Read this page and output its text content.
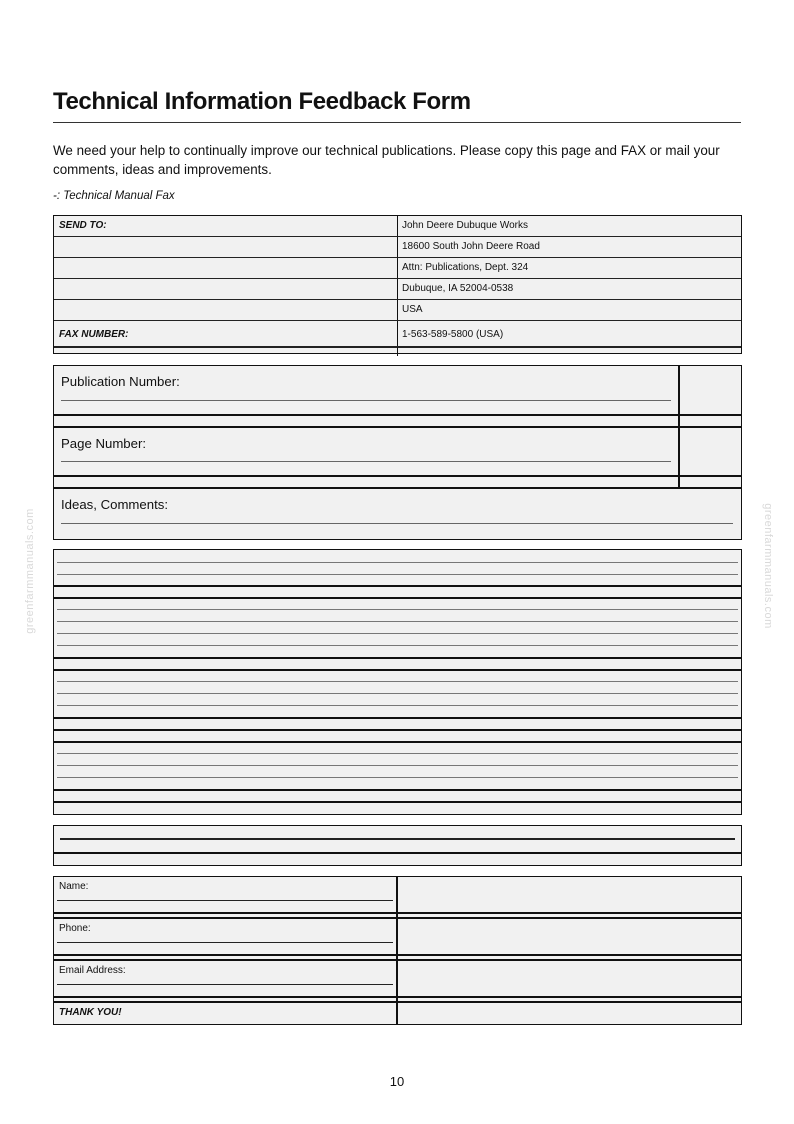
Technical Information Feedback Form
We need your help to continually improve our technical publications. Please copy this page and FAX or mail your comments, ideas and improvements.
-: Technical Manual Fax
SEND TO:	John Deere Dubuque Works
18600 South John Deere Road
Attn: Publications, Dept. 324
Dubuque, IA 52004-0538
USA
FAX NUMBER:	1-563-589-5800 (USA)
Publication Number:
Page Number:
Ideas, Comments:
Name:
Phone:
Email Address:
THANK YOU!
greenfarmmanuals.com	greenfarmmanuals.com
10
